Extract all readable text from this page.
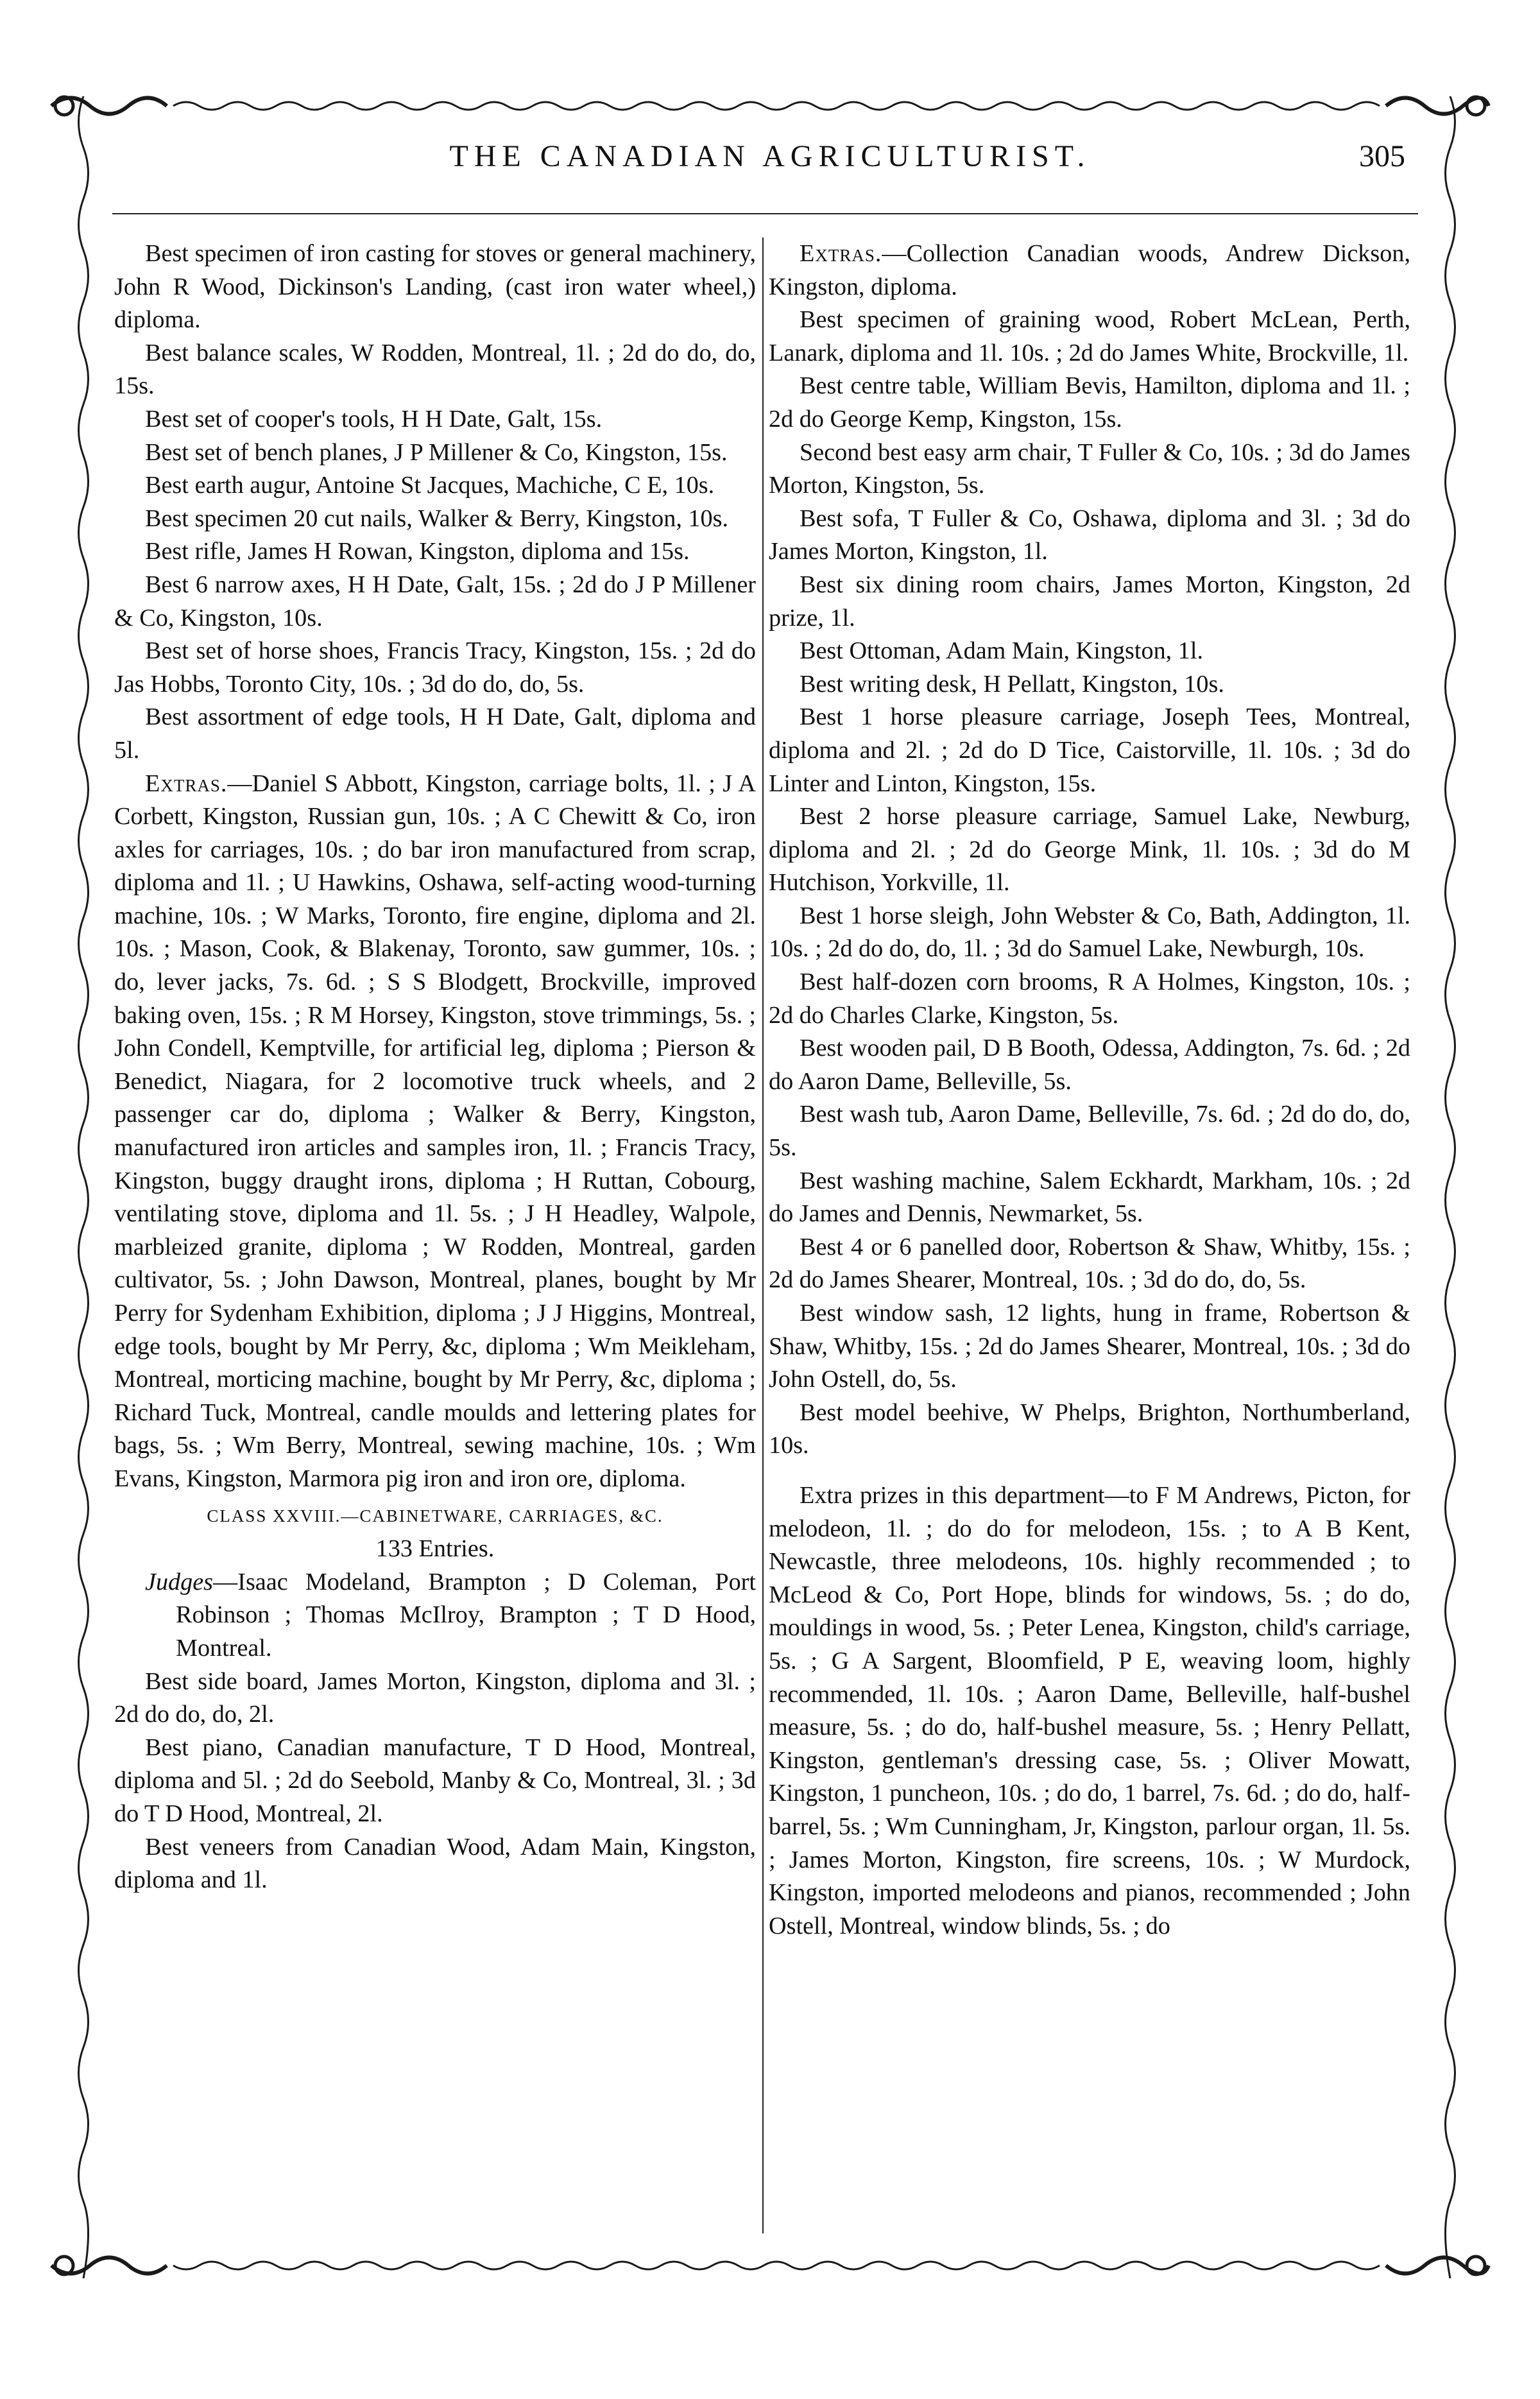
THE CANADIAN AGRICULTURIST.	305

Best specimen of iron casting for stoves or general machinery, John R Wood, Dickinson's Landing, (cast iron water wheel,) diploma.

Best balance scales, W Rodden, Montreal, 1l. ; 2d do do, do, 15s.

Best set of cooper's tools, H H Date, Galt, 15s.

Best set of bench planes, J P Millener & Co, Kingston, 15s.

Best earth augur, Antoine St Jacques, Machiche, C E, 10s.

Best specimen 20 cut nails, Walker & Berry, Kingston, 10s.

Best rifle, James H Rowan, Kingston, diploma and 15s.

Best 6 narrow axes, H H Date, Galt, 15s. ; 2d do J P Millener & Co, Kingston, 10s.

Best set of horse shoes, Francis Tracy, Kingston, 15s. ; 2d do Jas Hobbs, Toronto City, 10s. ; 3d do do, do, 5s.

Best assortment of edge tools, H H Date, Galt, diploma and 5l.

Extras.—Daniel S Abbott, Kingston, carriage bolts, 1l. ; J A Corbett, Kingston, Russian gun, 10s. ; A C Chewitt & Co, iron axles for carriages, 10s. ; do bar iron manufactured from scrap, diploma and 1l. ; U Hawkins, Oshawa, self-acting wood-turning machine, 10s. ; W Marks, Toronto, fire engine, diploma and 2l. 10s. ; Mason, Cook, & Blakenay, Toronto, saw gummer, 10s. ; do, lever jacks, 7s. 6d. ; S S Blodgett, Brockville, improved baking oven, 15s. ; R M Horsey, Kingston, stove trimmings, 5s. ; John Condell, Kemptville, for artificial leg, diploma ; Pierson & Benedict, Niagara, for 2 locomotive truck wheels, and 2 passenger car do, diploma ; Walker & Berry, Kingston, manufactured iron articles and samples iron, 1l. ; Francis Tracy, Kingston, buggy draught irons, diploma ; H Ruttan, Cobourg, ventilating stove, diploma and 1l. 5s. ; J H Headley, Walpole, marbleized granite, diploma ; W Rodden, Montreal, garden cultivator, 5s. ; John Dawson, Montreal, planes, bought by Mr Perry for Sydenham Exhibition, diploma ; J J Higgins, Montreal, edge tools, bought by Mr Perry, &c, diploma ; Wm Meikleham, Montreal, morticing machine, bought by Mr Perry, &c, diploma ; Richard Tuck, Montreal, candle moulds and lettering plates for bags, 5s. ; Wm Berry, Montreal, sewing machine, 10s. ; Wm Evans, Kingston, Marmora pig iron and iron ore, diploma.

CLASS XXVIII.—CABINETWARE, CARRIAGES, &C.

133 Entries.

Judges—Isaac Modeland, Brampton ; D Coleman, Port Robinson ; Thomas McIlroy, Brampton ; T D Hood, Montreal.

Best side board, James Morton, Kingston, diploma and 3l. ; 2d do do, do, 2l.

Best piano, Canadian manufacture, T D Hood, Montreal, diploma and 5l. ; 2d do Seebold, Manby & Co, Montreal, 3l. ; 3d do T D Hood, Montreal, 2l.

Best veneers from Canadian Wood, Adam Main, Kingston, diploma and 1l.

Extras.—Collection Canadian woods, Andrew Dickson, Kingston, diploma.

Best specimen of graining wood, Robert McLean, Perth, Lanark, diploma and 1l. 10s. ; 2d do James White, Brockville, 1l.

Best centre table, William Bevis, Hamilton, diploma and 1l. ; 2d do George Kemp, Kingston, 15s.

Second best easy arm chair, T Fuller & Co, 10s. ; 3d do James Morton, Kingston, 5s.

Best sofa, T Fuller & Co, Oshawa, diploma and 3l. ; 3d do James Morton, Kingston, 1l.

Best six dining room chairs, James Morton, Kingston, 2d prize, 1l.

Best Ottoman, Adam Main, Kingston, 1l.

Best writing desk, H Pellatt, Kingston, 10s.

Best 1 horse pleasure carriage, Joseph Tees, Montreal, diploma and 2l. ; 2d do D Tice, Caistorville, 1l. 10s. ; 3d do Linter and Linton, Kingston, 15s.

Best 2 horse pleasure carriage, Samuel Lake, Newburg, diploma and 2l. ; 2d do George Mink, 1l. 10s. ; 3d do M Hutchison, Yorkville, 1l.

Best 1 horse sleigh, John Webster & Co, Bath, Addington, 1l. 10s. ; 2d do do, do, 1l. ; 3d do Samuel Lake, Newburgh, 10s.

Best half-dozen corn brooms, R A Holmes, Kingston, 10s. ; 2d do Charles Clarke, Kingston, 5s.

Best wooden pail, D B Booth, Odessa, Addington, 7s. 6d. ; 2d do Aaron Dame, Belleville, 5s.

Best wash tub, Aaron Dame, Belleville, 7s. 6d. ; 2d do do, do, 5s.

Best washing machine, Salem Eckhardt, Markham, 10s. ; 2d do James and Dennis, Newmarket, 5s.

Best 4 or 6 panelled door, Robertson & Shaw, Whitby, 15s. ; 2d do James Shearer, Montreal, 10s. ; 3d do do, do, 5s.

Best window sash, 12 lights, hung in frame, Robertson & Shaw, Whitby, 15s. ; 2d do James Shearer, Montreal, 10s. ; 3d do John Ostell, do, 5s.

Best model beehive, W Phelps, Brighton, Northumberland, 10s.

Extra prizes in this department—to F M Andrews, Picton, for melodeon, 1l. ; do do for melodeon, 15s. ; to A B Kent, Newcastle, three melodeons, 10s. highly recommended ; to McLeod & Co, Port Hope, blinds for windows, 5s. ; do do, mouldings in wood, 5s. ; Peter Lenea, Kingston, child's carriage, 5s. ; G A Sargent, Bloomfield, P E, weaving loom, highly recommended, 1l. 10s. ; Aaron Dame, Belleville, half-bushel measure, 5s. ; do do, half-bushel measure, 5s. ; Henry Pellatt, Kingston, gentleman's dressing case, 5s. ; Oliver Mowatt, Kingston, 1 puncheon, 10s. ; do do, 1 barrel, 7s. 6d. ; do do, half-barrel, 5s. ; Wm Cunningham, Jr, Kingston, parlour organ, 1l. 5s. ; James Morton, Kingston, fire screens, 10s. ; W Murdock, Kingston, imported melodeons and pianos, recommended ; John Ostell, Montreal, window blinds, 5s. ; do
